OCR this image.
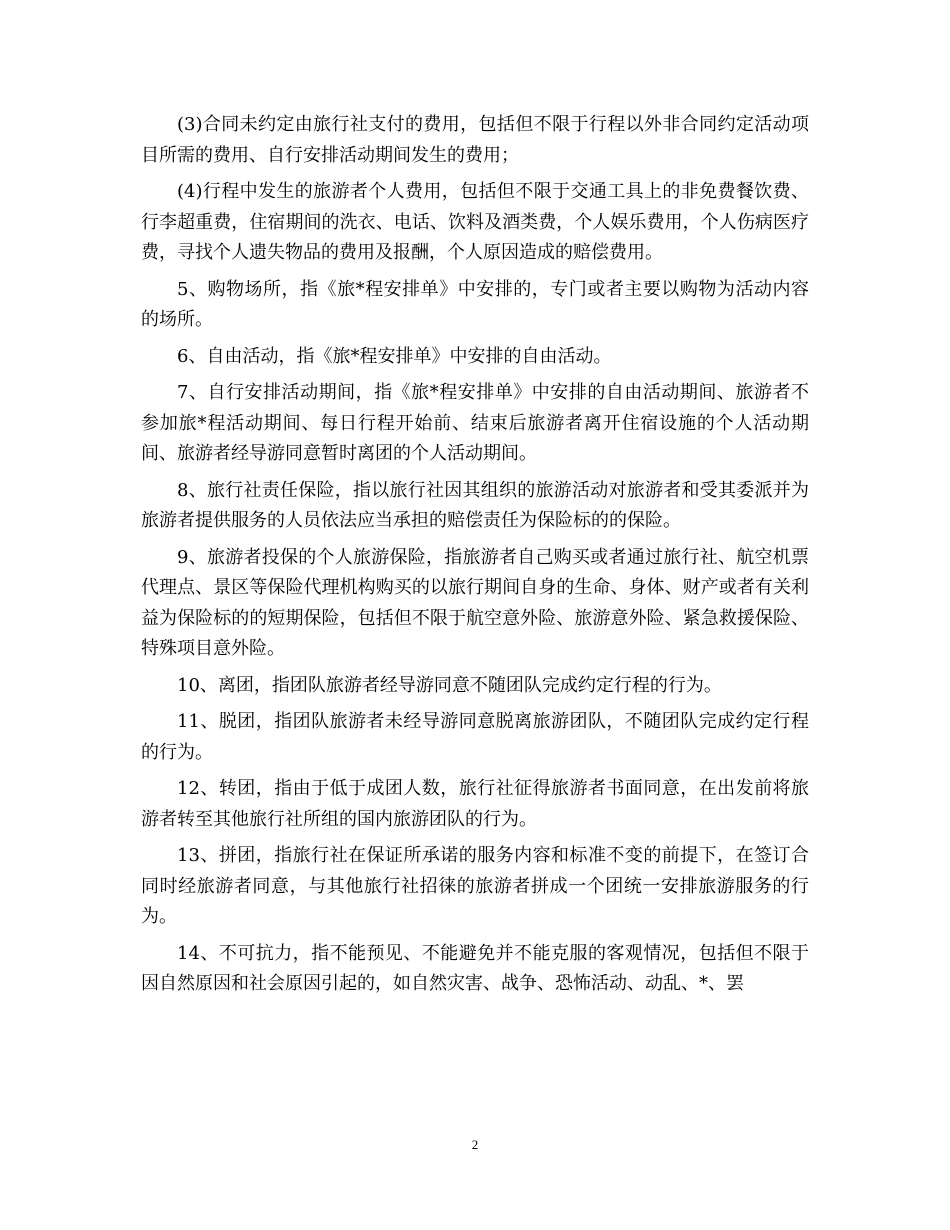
(3)合同未约定由旅行社支付的费用，包括但不限于行程以外非合同约定活动项目所需的费用、自行安排活动期间发生的费用；

(4)行程中发生的旅游者个人费用，包括但不限于交通工具上的非免费餐饮费、行李超重费，住宿期间的洗衣、电话、饮料及酒类费，个人娱乐费用，个人伤病医疗费，寻找个人遗失物品的费用及报酬，个人原因造成的赔偿费用。

5、购物场所，指《旅*程安排单》中安排的，专门或者主要以购物为活动内容的场所。

6、自由活动，指《旅*程安排单》中安排的自由活动。

7、自行安排活动期间，指《旅*程安排单》中安排的自由活动期间、旅游者不参加旅*程活动期间、每日行程开始前、结束后旅游者离开住宿设施的个人活动期间、旅游者经导游同意暂时离团的个人活动期间。

8、旅行社责任保险，指以旅行社因其组织的旅游活动对旅游者和受其委派并为旅游者提供服务的人员依法应当承担的赔偿责任为保险标的的保险。

9、旅游者投保的个人旅游保险，指旅游者自己购买或者通过旅行社、航空机票代理点、景区等保险代理机构购买的以旅行期间自身的生命、身体、财产或者有关利益为保险标的的短期保险，包括但不限于航空意外险、旅游意外险、紧急救援保险、特殊项目意外险。

10、离团，指团队旅游者经导游同意不随团队完成约定行程的行为。

11、脱团，指团队旅游者未经导游同意脱离旅游团队，不随团队完成约定行程的行为。

12、转团，指由于低于成团人数，旅行社征得旅游者书面同意，在出发前将旅游者转至其他旅行社所组的国内旅游团队的行为。

13、拼团，指旅行社在保证所承诺的服务内容和标准不变的前提下，在签订合同时经旅游者同意，与其他旅行社招徕的旅游者拼成一个团统一安排旅游服务的行为。

14、不可抗力，指不能预见、不能避免并不能克服的客观情况，包括但不限于因自然原因和社会原因引起的，如自然灾害、战争、恐怖活动、动乱、*、罢

2
